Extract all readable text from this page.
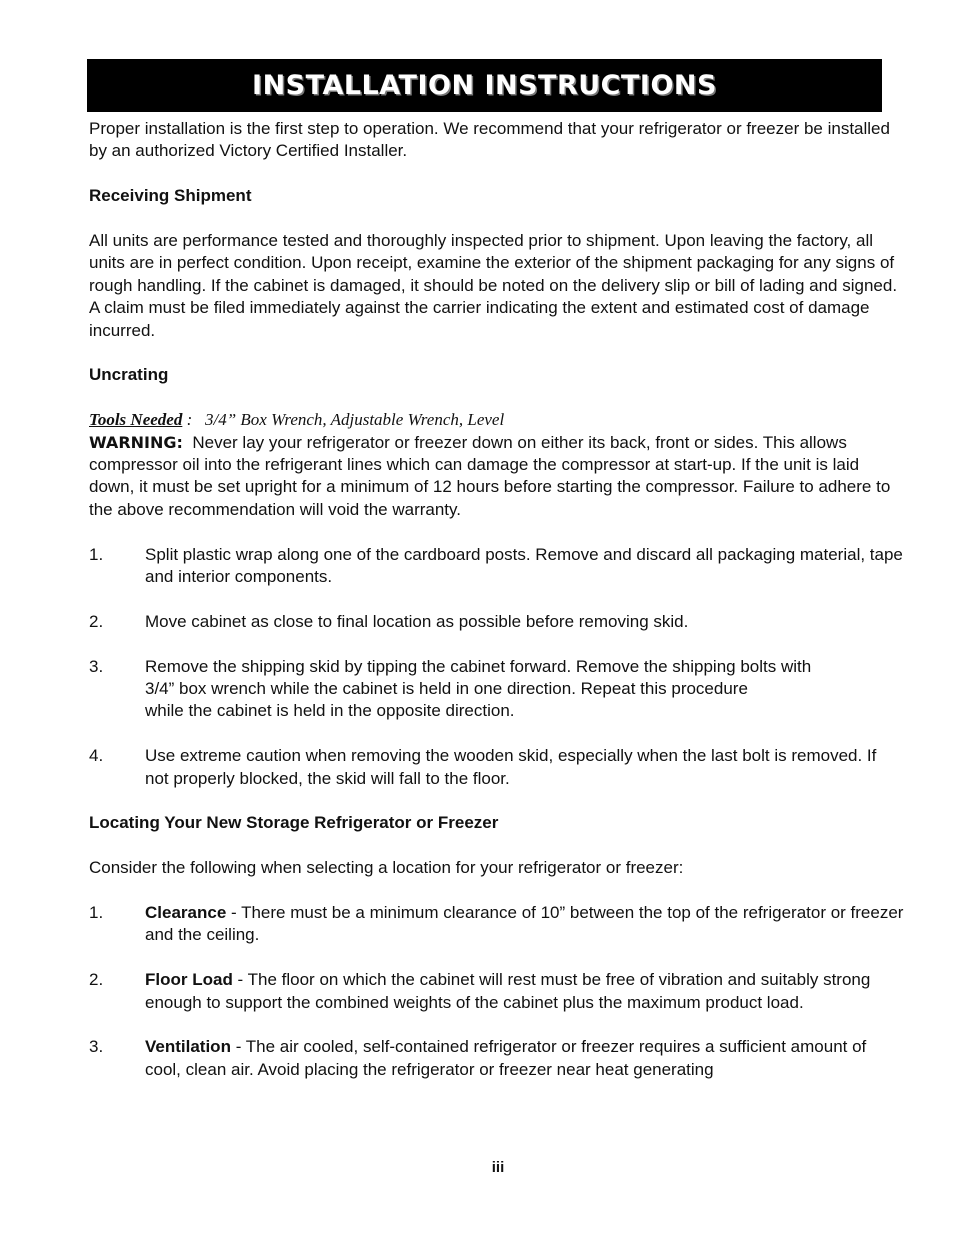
INSTALLATION INSTRUCTIONS

Proper installation is the first step to operation. We recommend that your refrigerator or freezer be installed by an authorized Victory Certified Installer.

Receiving Shipment

All units are performance tested and thoroughly inspected prior to shipment. Upon leaving the factory, all units are in perfect condition. Upon receipt, examine the exterior of the shipment packaging for any signs of rough handling. If the cabinet is damaged, it should be noted on the delivery slip or bill of lading and signed. A claim must be filed immediately against the carrier indicating the extent and estimated cost of damage incurred.

Uncrating

Tools Needed : 3/4” Box Wrench, Adjustable Wrench, Level

WARNING: Never lay your refrigerator or freezer down on either its back, front or sides. This allows compressor oil into the refrigerant lines which can damage the compressor at start-up. If the unit is laid down, it must be set upright for a minimum of 12 hours before starting the compressor. Failure to adhere to the above recommendation will void the warranty.

1.	Split plastic wrap along one of the cardboard posts. Remove and discard all packaging material, tape and interior components.
2.	Move cabinet as close to final location as possible before removing skid.
3.	Remove the shipping skid by tipping the cabinet forward. Remove the shipping bolts with 3/4” box wrench while the cabinet is held in one direction. Repeat this procedure

while the cabinet is held in the opposite direction.

4.	Use extreme caution when removing the wooden skid, especially when the last bolt is removed. If not properly blocked, the skid will fall to the floor.

Locating Your New Storage Refrigerator or Freezer

Consider the following when selecting a location for your refrigerator or freezer:

1.	Clearance - There must be a minimum clearance of 10” between the top of the refrigerator or freezer and the ceiling.
2.	Floor Load - The floor on which the cabinet will rest must be free of vibration and suitably strong enough to support the combined weights of the cabinet plus the maximum product load.
3.	Ventilation - The air cooled, self-contained refrigerator or freezer requires a sufficient amount of cool, clean air. Avoid placing the refrigerator or freezer near heat generating
iii
